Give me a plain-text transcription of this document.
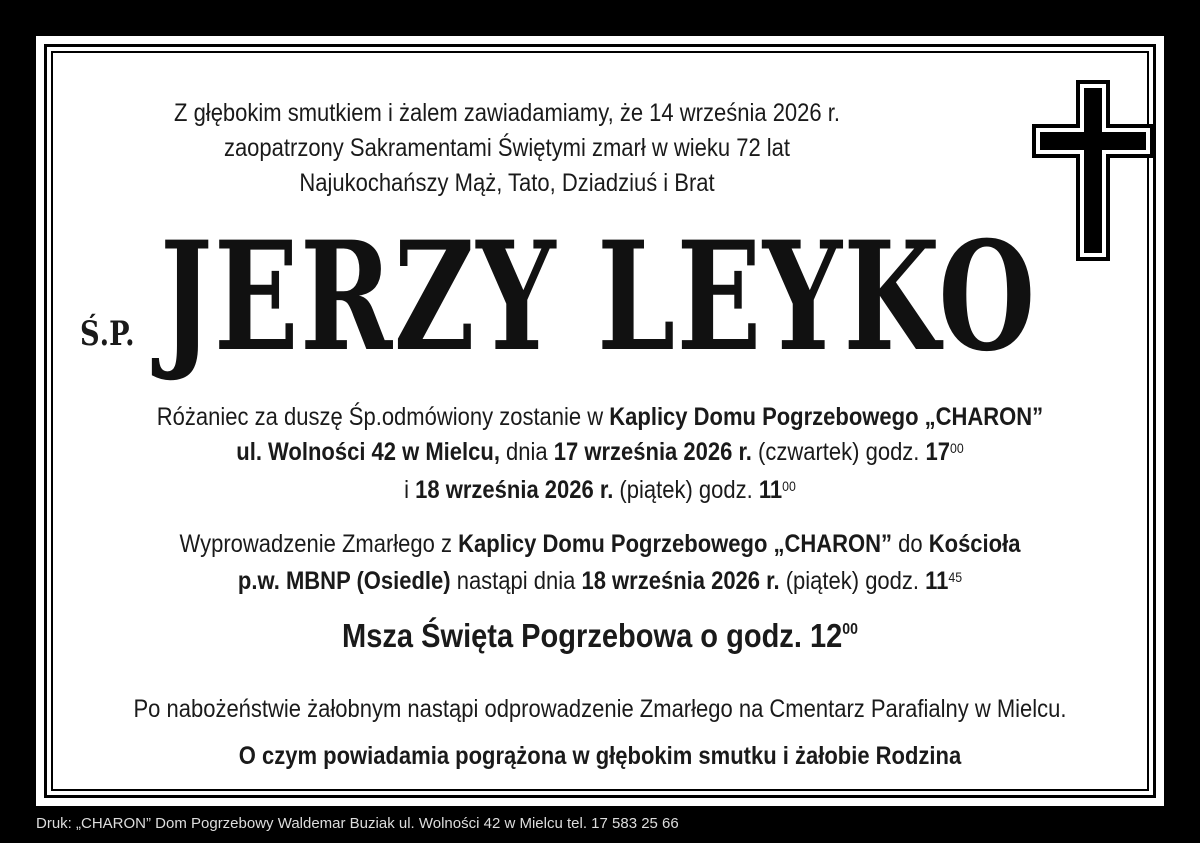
Z głębokim smutkiem i żalem zawiadamiamy, że 14 września 2026 r.
zaopatrzony Sakramentami Świętymi zmarł w wieku 72 lat
Najukochańszy Mąż, Tato, Dziadziuś i Brat
Ś.P. JERZY LEYKO
Różaniec za duszę Śp.odmówiony zostanie w Kaplicy Domu Pogrzebowego „CHARON”
ul. Wolności 42 w Mielcu, dnia 17 września 2026 r. (czwartek) godz. $17^{00}$
i 18 września 2026 r. (piątek) godz. $11^{00}$
Wyprowadzenie Zmarłego z Kaplicy Domu Pogrzebowego „CHARON” do Kościoła
p.w. MBNP (Osiedle) nastąpi dnia 18 września 2026 r. (piątek) godz. $11^{45}$
Msza Święta Pogrzebowa o godz. $12^{00}$
Po nabożeństwie żałobnym nastąpi odprowadzenie Zmarłego na Cmentarz Parafialny w Mielcu.
O czym powiadamia pogrążona w głębokim smutku i żałobie Rodzina
Druk: „CHARON” Dom Pogrzebowy Waldemar Buziak ul. Wolności 42 w Mielcu tel. 17 583 25 66
